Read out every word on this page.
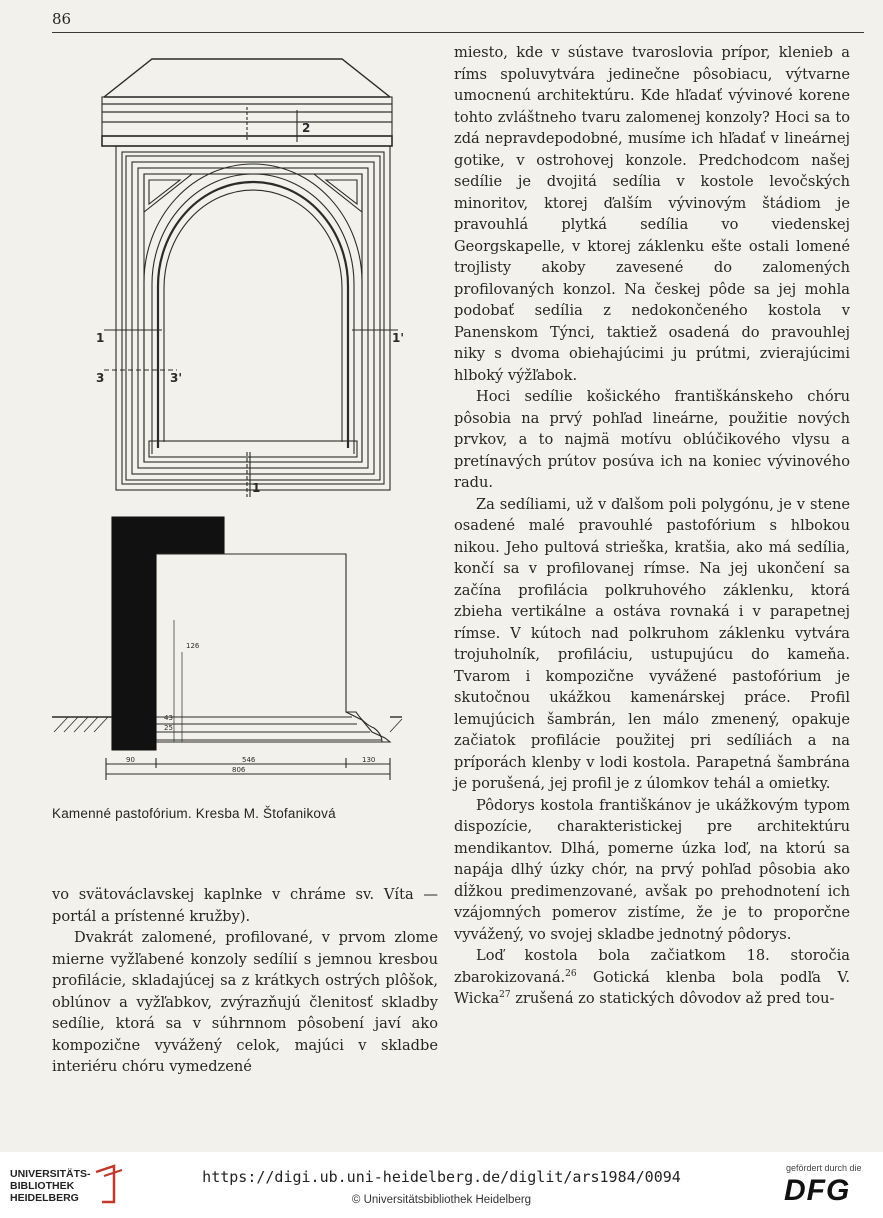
86
1	1'
3	3'
2
1
90	546	130
806
25
43
126
Kamenné pastofórium. Kresba M. Štofaniková

vo svätováclavskej kaplnke v chráme sv. Víta — portál a prístenné kružby).

Dvakrát zalomené, profilované, v prvom zlome mierne vyžľabené konzoly sedílií s jemnou kresbou profilácie, skladajúcej sa z krátkych ostrých plôšok, oblúnov a vyžľabkov, zvýrazňujú členitosť skladby sedílie, ktorá sa v súhrnnom pôsobení javí ako kompozične vyvážený celok, majúci v skladbe interiéru chóru vymedzené

miesto, kde v sústave tvaroslovia prípor, klenieb a ríms spoluvytvára jedinečne pôsobiacu, výtvarne umocnenú architektúru. Kde hľadať vývinové korene tohto zvláštneho tvaru zalomenej konzoly? Hoci sa to zdá nepravdepodobné, musíme ich hľadať v lineárnej gotike, v ostrohovej konzole. Predchodcom našej sedílie je dvojitá sedília v kostole levočských minoritov, ktorej ďalším vývinovým štádiom je pravouhlá plytká sedília vo viedenskej Georgskapelle, v ktorej záklenku ešte ostali lomené trojlisty akoby zavesené do zalomených profilovaných konzol. Na českej pôde sa jej mohla podobať sedília z nedokončeného kostola v Panenskom Týnci, taktiež osadená do pravouhlej niky s dvoma obiehajúcimi ju prútmi, zvierajúcimi hlboký výžľabok.

Hoci sedílie košického františkánskeho chóru pôsobia na prvý pohľad lineárne, použitie nových prvkov, a to najmä motívu oblúčikového vlysu a pretínavých prútov posúva ich na koniec vývinového radu.

Za sedíliami, už v ďalšom poli polygónu, je v stene osadené malé pravouhlé pastofórium s hlbokou nikou. Jeho pultová strieška, kratšia, ako má sedília, končí sa v profilovanej rímse. Na jej ukončení sa začína profilácia polkruhového záklenku, ktorá zbieha vertikálne a ostáva rovnaká i v parapetnej rímse. V kútoch nad polkruhom záklenku vytvára trojuholník, profiláciu, ustupujúcu do kameňa. Tvarom i kompozične vyvážené pastofórium je skutočnou ukážkou kamenárskej práce. Profil lemujúcich šambrán, len málo zmenený, opakuje začiatok profilácie použitej pri sedíliách a na príporách klenby v lodi kostola. Parapetná šambrána je porušená, jej profil je z úlomkov tehál a omietky.

Pôdorys kostola františkánov je ukážkovým typom dispozície, charakteristickej pre architektúru mendikantov. Dlhá, pomerne úzka loď, na ktorú sa napája dlhý úzky chór, na prvý pohľad pôsobia ako dĺžkou predimenzované, avšak po prehodnotení ich vzájomných pomerov zistíme, že je to proporčne vyvážený, vo svojej skladbe jednotný pôdorys.

Loď kostola bola začiatkom 18. storočia zbarokizovaná.$^{26}$ Gotická klenba bola podľa V. Wicka$^{27}$ zrušená zo statických dôvodov až pred tou-

UNIVERSITÄTS-
BIBLIOTHEK
HEIDELBERG
https://digi.ub.uni-heidelberg.de/diglit/ars1984/0094
© Universitätsbibliothek Heidelberg
gefördert durch die
DFG
